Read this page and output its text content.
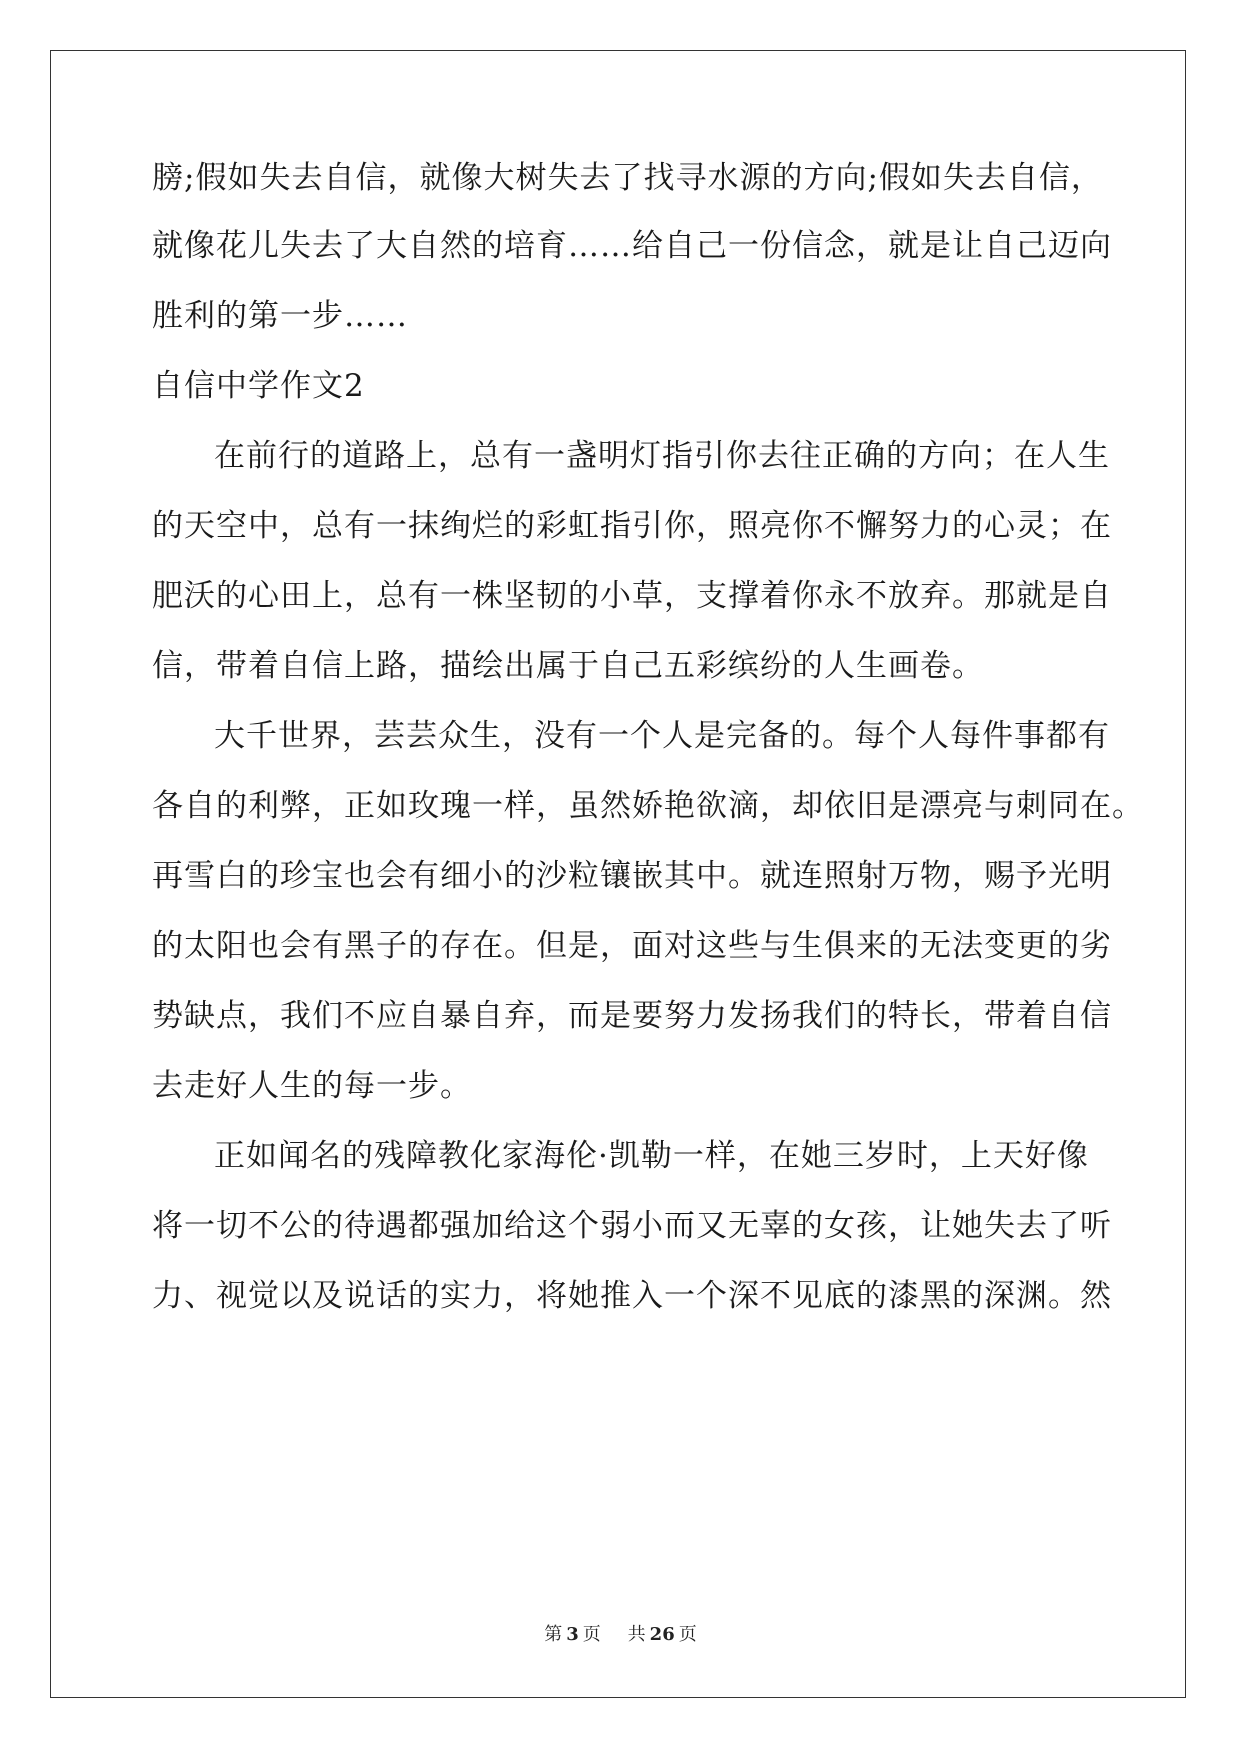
膀;假如失去自信，就像大树失去了找寻水源的方向;假如失去自信，
就像花儿失去了大自然的培育……给自己一份信念，就是让自己迈向
胜利的第一步……
自信中学作文2
在前行的道路上，总有一盏明灯指引你去往正确的方向；在人生
的天空中，总有一抹绚烂的彩虹指引你，照亮你不懈努力的心灵；在
肥沃的心田上，总有一株坚韧的小草，支撑着你永不放弃。那就是自
信，带着自信上路，描绘出属于自己五彩缤纷的人生画卷。
大千世界，芸芸众生，没有一个人是完备的。每个人每件事都有
各自的利弊，正如玫瑰一样，虽然娇艳欲滴，却依旧是漂亮与刺同在。
再雪白的珍宝也会有细小的沙粒镶嵌其中。就连照射万物，赐予光明
的太阳也会有黑子的存在。但是，面对这些与生俱来的无法变更的劣
势缺点，我们不应自暴自弃，而是要努力发扬我们的特长，带着自信
去走好人生的每一步。
正如闻名的残障教化家海伦·凯勒一样，在她三岁时，上天好像
将一切不公的待遇都强加给这个弱小而又无辜的女孩，让她失去了听
力、视觉以及说话的实力，将她推入一个深不见底的漆黑的深渊。然
第 3 页 共 26 页
